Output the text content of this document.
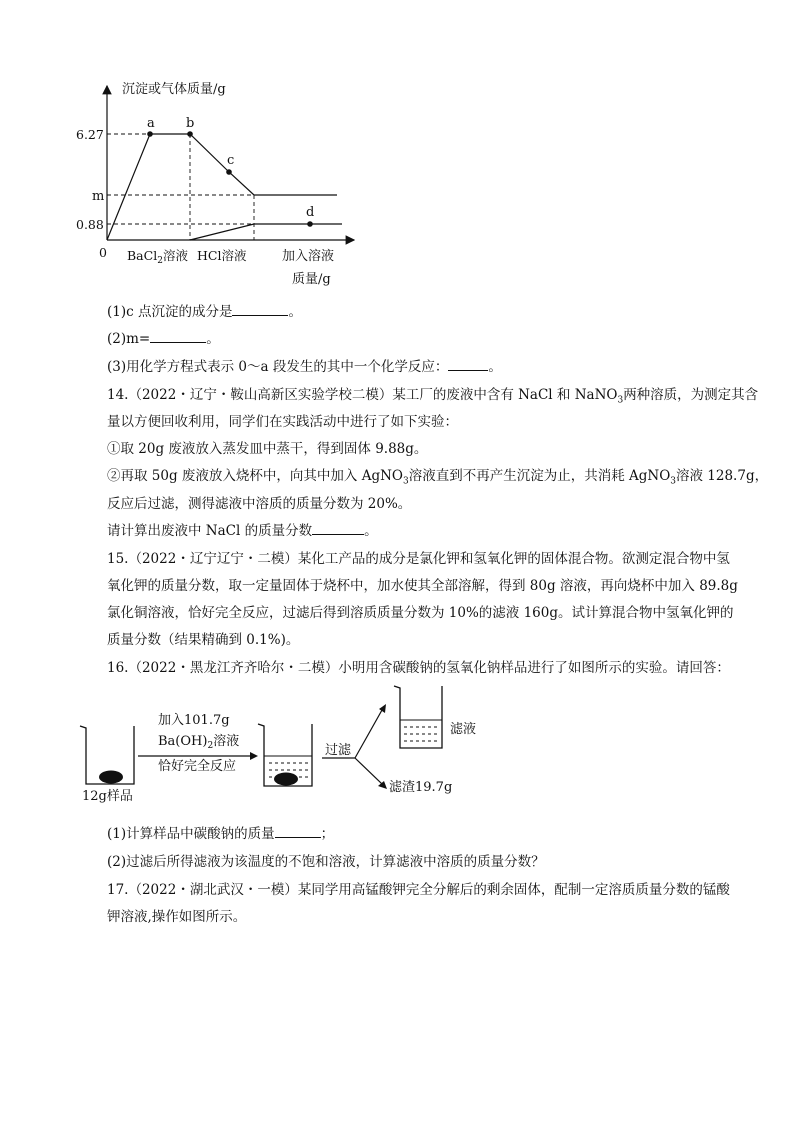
a b
c
d
沉淀或气体质量/g
6.27
m
0.88
0 BaCl$_2$溶液 HCl溶液	加入溶液
质量/g
(1)c 点沉淀的成分是	。
(2)m=	。
(3)用化学方程式表示 0～a 段发生的其中一个化学反应：	。
14.（2022・辽宁・鞍山高新区实验学校二模）某工厂的废液中含有 NaCl 和 NaNO$_3$两种溶质，为测定其含
量以方便回收利用，同学们在实践活动中进行了如下实验：
①取 20g 废液放入蒸发皿中蒸干，得到固体 9.88g。
②再取 50g 废液放入烧杯中，向其中加入 AgNO$_3$溶液直到不再产生沉淀为止，共消耗 AgNO$_3$溶液 128.7g，
反应后过滤，测得滤液中溶质的质量分数为 20%。
请计算出废液中 NaCl 的质量分数	。
15.（2022・辽宁辽宁・二模）某化工产品的成分是氯化钾和氢氧化钾的固体混合物。欲测定混合物中氢
氧化钾的质量分数，取一定量固体于烧杯中，加水使其全部溶解，得到 80g 溶液，再向烧杯中加入 89.8g
氯化铜溶液，恰好完全反应，过滤后得到溶质质量分数为 10%的滤液 160g。试计算混合物中氢氧化钾的
质量分数（结果精确到 0.1%)。
16.（2022・黑龙江齐齐哈尔・二模）小明用含碳酸钠的氢氧化钠样品进行了如图所示的实验。请回答：
12g样品
加入101.7g
$Ba(OH)_2$溶液
恰好完全反应
过滤
滤液
滤渣19.7g
(1)计算样品中碳酸钠的质量	；
(2)过滤后所得滤液为该温度的不饱和溶液，计算滤液中溶质的质量分数？
17.（2022・湖北武汉・一模）某同学用高锰酸钾完全分解后的剩余固体，配制一定溶质质量分数的锰酸
钾溶液,操作如图所示。
